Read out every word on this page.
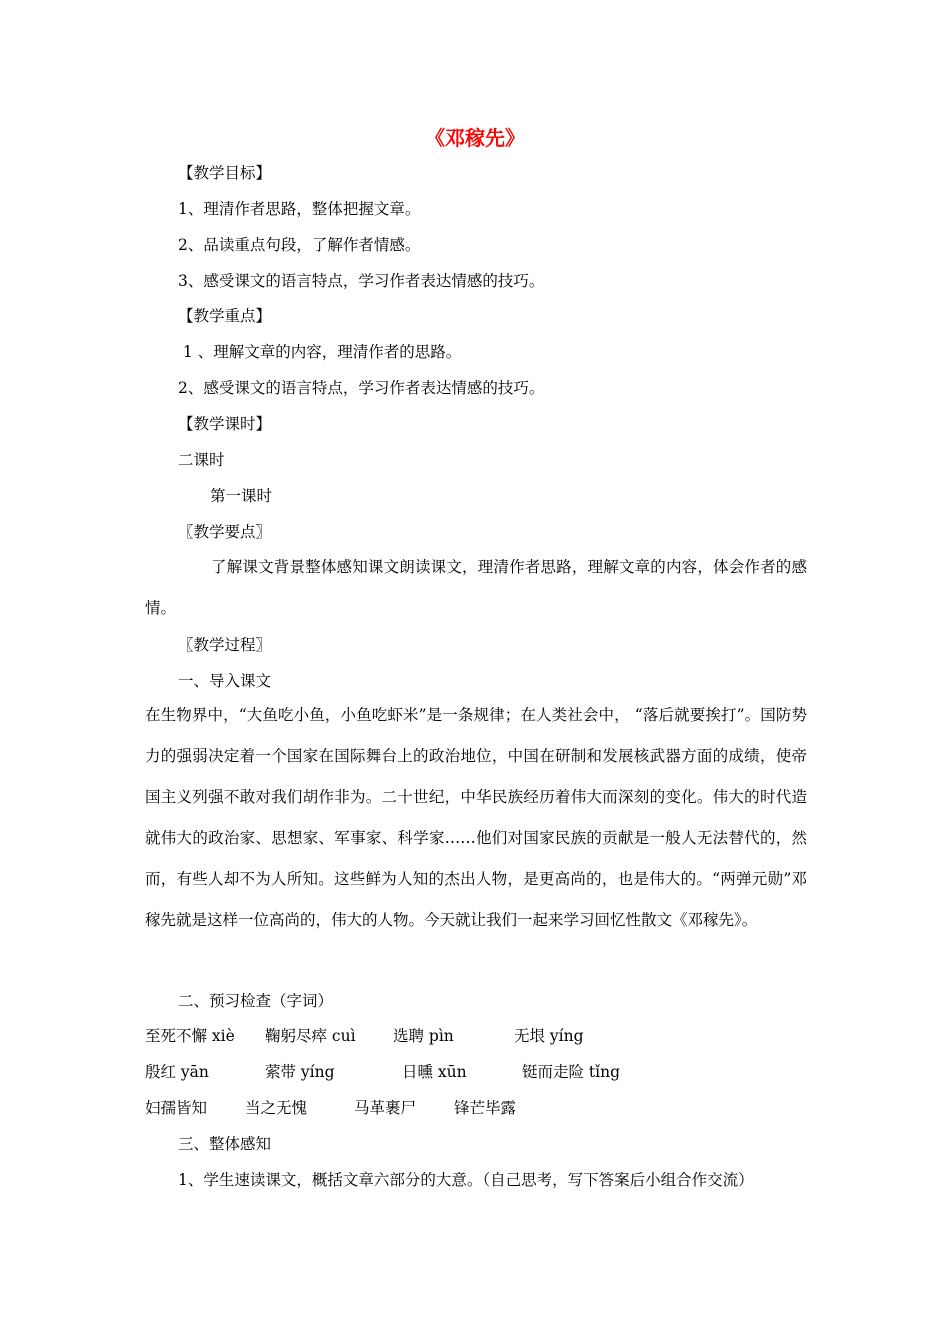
《邓稼先》
【教学目标】
1、理清作者思路，整体把握文章。
2、品读重点句段，了解作者情感。
3、感受课文的语言特点，学习作者表达情感的技巧。
【教学重点】
1 、理解文章的内容，理清作者的思路。
2、感受课文的语言特点，学习作者表达情感的技巧。
【教学课时】
二课时
第一课时
〖教学要点〗
了解课文背景整体感知课文朗读课文，理清作者思路，理解文章的内容，体会作者的感情。
〖教学过程〗
一、导入课文
在生物界中，“大鱼吃小鱼，小鱼吃虾米”是一条规律；在人类社会中， “落后就要挨打”。国防势力的强弱决定着一个国家在国际舞台上的政治地位，中国在研制和发展核武器方面的成绩，使帝国主义列强不敢对我们胡作非为。二十世纪，中华民族经历着伟大而深刻的变化。伟大的时代造就伟大的政治家、思想家、军事家、科学家……他们对国家民族的贡献是一般人无法替代的，然而，有些人却不为人所知。这些鲜为人知的杰出人物，是更高尚的，也是伟大的。“两弹元勋”邓稼先就是这样一位高尚的，伟大的人物。今天就让我们一起来学习回忆性散文《邓稼先》。
二、预习检查（字词）
至死不懈 xiè 鞠躬尽瘁 cuì 选聘 pìn	无垠 yíng
殷红 yān	萦带 yíng	日曛 xūn	铤而走险 tǐng
妇孺皆知 当之无愧	马革裹尸 锋芒毕露
三、整体感知
1、学生速读课文，概括文章六部分的大意。（自己思考，写下答案后小组合作交流）
